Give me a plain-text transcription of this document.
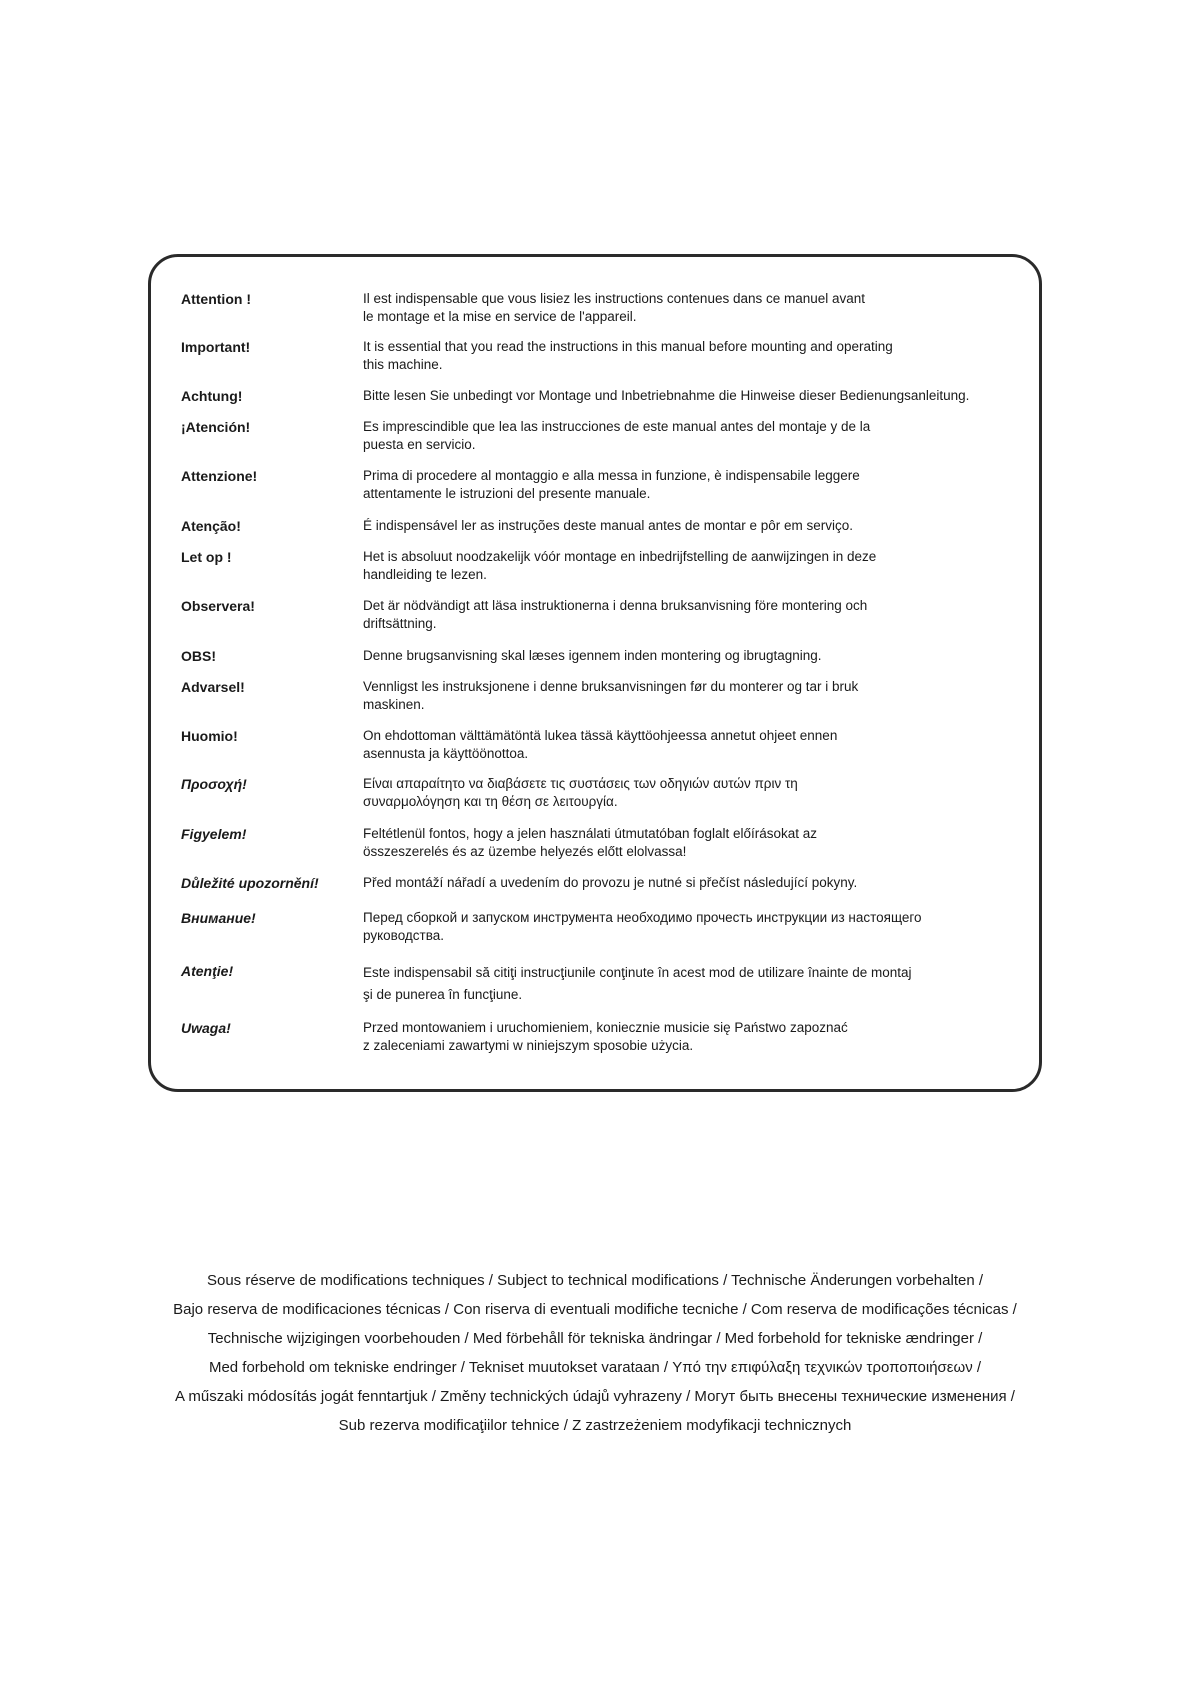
Attention !	Il est indispensable que vous lisiez les instructions contenues dans ce manuel avant
le montage et la mise en service de l'appareil.
Important!	It is essential that you read the instructions in this manual before mounting and operating
this machine.
Achtung!	Bitte lesen Sie unbedingt vor Montage und Inbetriebnahme die Hinweise dieser Bedienungsanleitung.
¡Atención!	Es imprescindible que lea las instrucciones de este manual antes del montaje y de la
puesta en servicio.
Attenzione!	Prima di procedere al montaggio e alla messa in funzione, è indispensabile leggere
attentamente le istruzioni del presente manuale.
Atenção!	É indispensável ler as instruções deste manual antes de montar e pôr em serviço.
Let op !	Het is absoluut noodzakelijk vóór montage en inbedrijfstelling de aanwijzingen in deze
handleiding te lezen.
Observera!	Det är nödvändigt att läsa instruktionerna i denna bruksanvisning före montering och
driftsättning.
OBS!	Denne brugsanvisning skal læses igennem inden montering og ibrugtagning.
Advarsel!	Vennligst les instruksjonene i denne bruksanvisningen før du monterer og tar i bruk
maskinen.
Huomio!	On ehdottoman välttämätöntä lukea tässä käyttöohjeessa annetut ohjeet ennen
asennusta ja käyttöönottoa.
Προσοχή!	Είναι απαραίτητο να διαβάσετε τις συστάσεις των οδηγιών αυτών πριν τη
συναρμολόγηση και τη θέση σε λειτουργία.
Figyelem!	Feltétlenül fontos, hogy a jelen használati útmutatóban foglalt előírásokat az
összeszerelés és az üzembe helyezés előtt elolvassa!
Důležité upozornění!	Před montáží nářadí a uvedením do provozu je nutné si přečíst následující pokyny.
Внимание!	Перед сборкой и запуском инструмента необходимо прочесть инструкции из настоящего
руководства.
Atenţie!	Este indispensabil să citiţi instrucţiunile conţinute în acest mod de utilizare înainte de montaj
şi de punerea în funcţiune.
Uwaga!	Przed montowaniem i uruchomieniem, koniecznie musicie się Państwo zapoznać
z zaleceniami zawartymi w niniejszym sposobie użycia.
Sous réserve de modifications techniques / Subject to technical modifications / Technische Änderungen vorbehalten /
Bajo reserva de modificaciones técnicas / Con riserva di eventuali modifiche tecniche / Com reserva de modificações técnicas /
Technische wijzigingen voorbehouden / Med förbehåll för tekniska ändringar / Med forbehold for tekniske ændringer /
Med forbehold om tekniske endringer / Tekniset muutokset varataan / Υπό την επιφύλαξη τεχνικών τροποποιήσεων /
A műszaki módosítás jogát fenntartjuk / Změny technických údajů vyhrazeny / Могут быть внесены технические изменения /
Sub rezerva modificaţiilor tehnice / Z zastrzeżeniem modyfikacji technicznych
